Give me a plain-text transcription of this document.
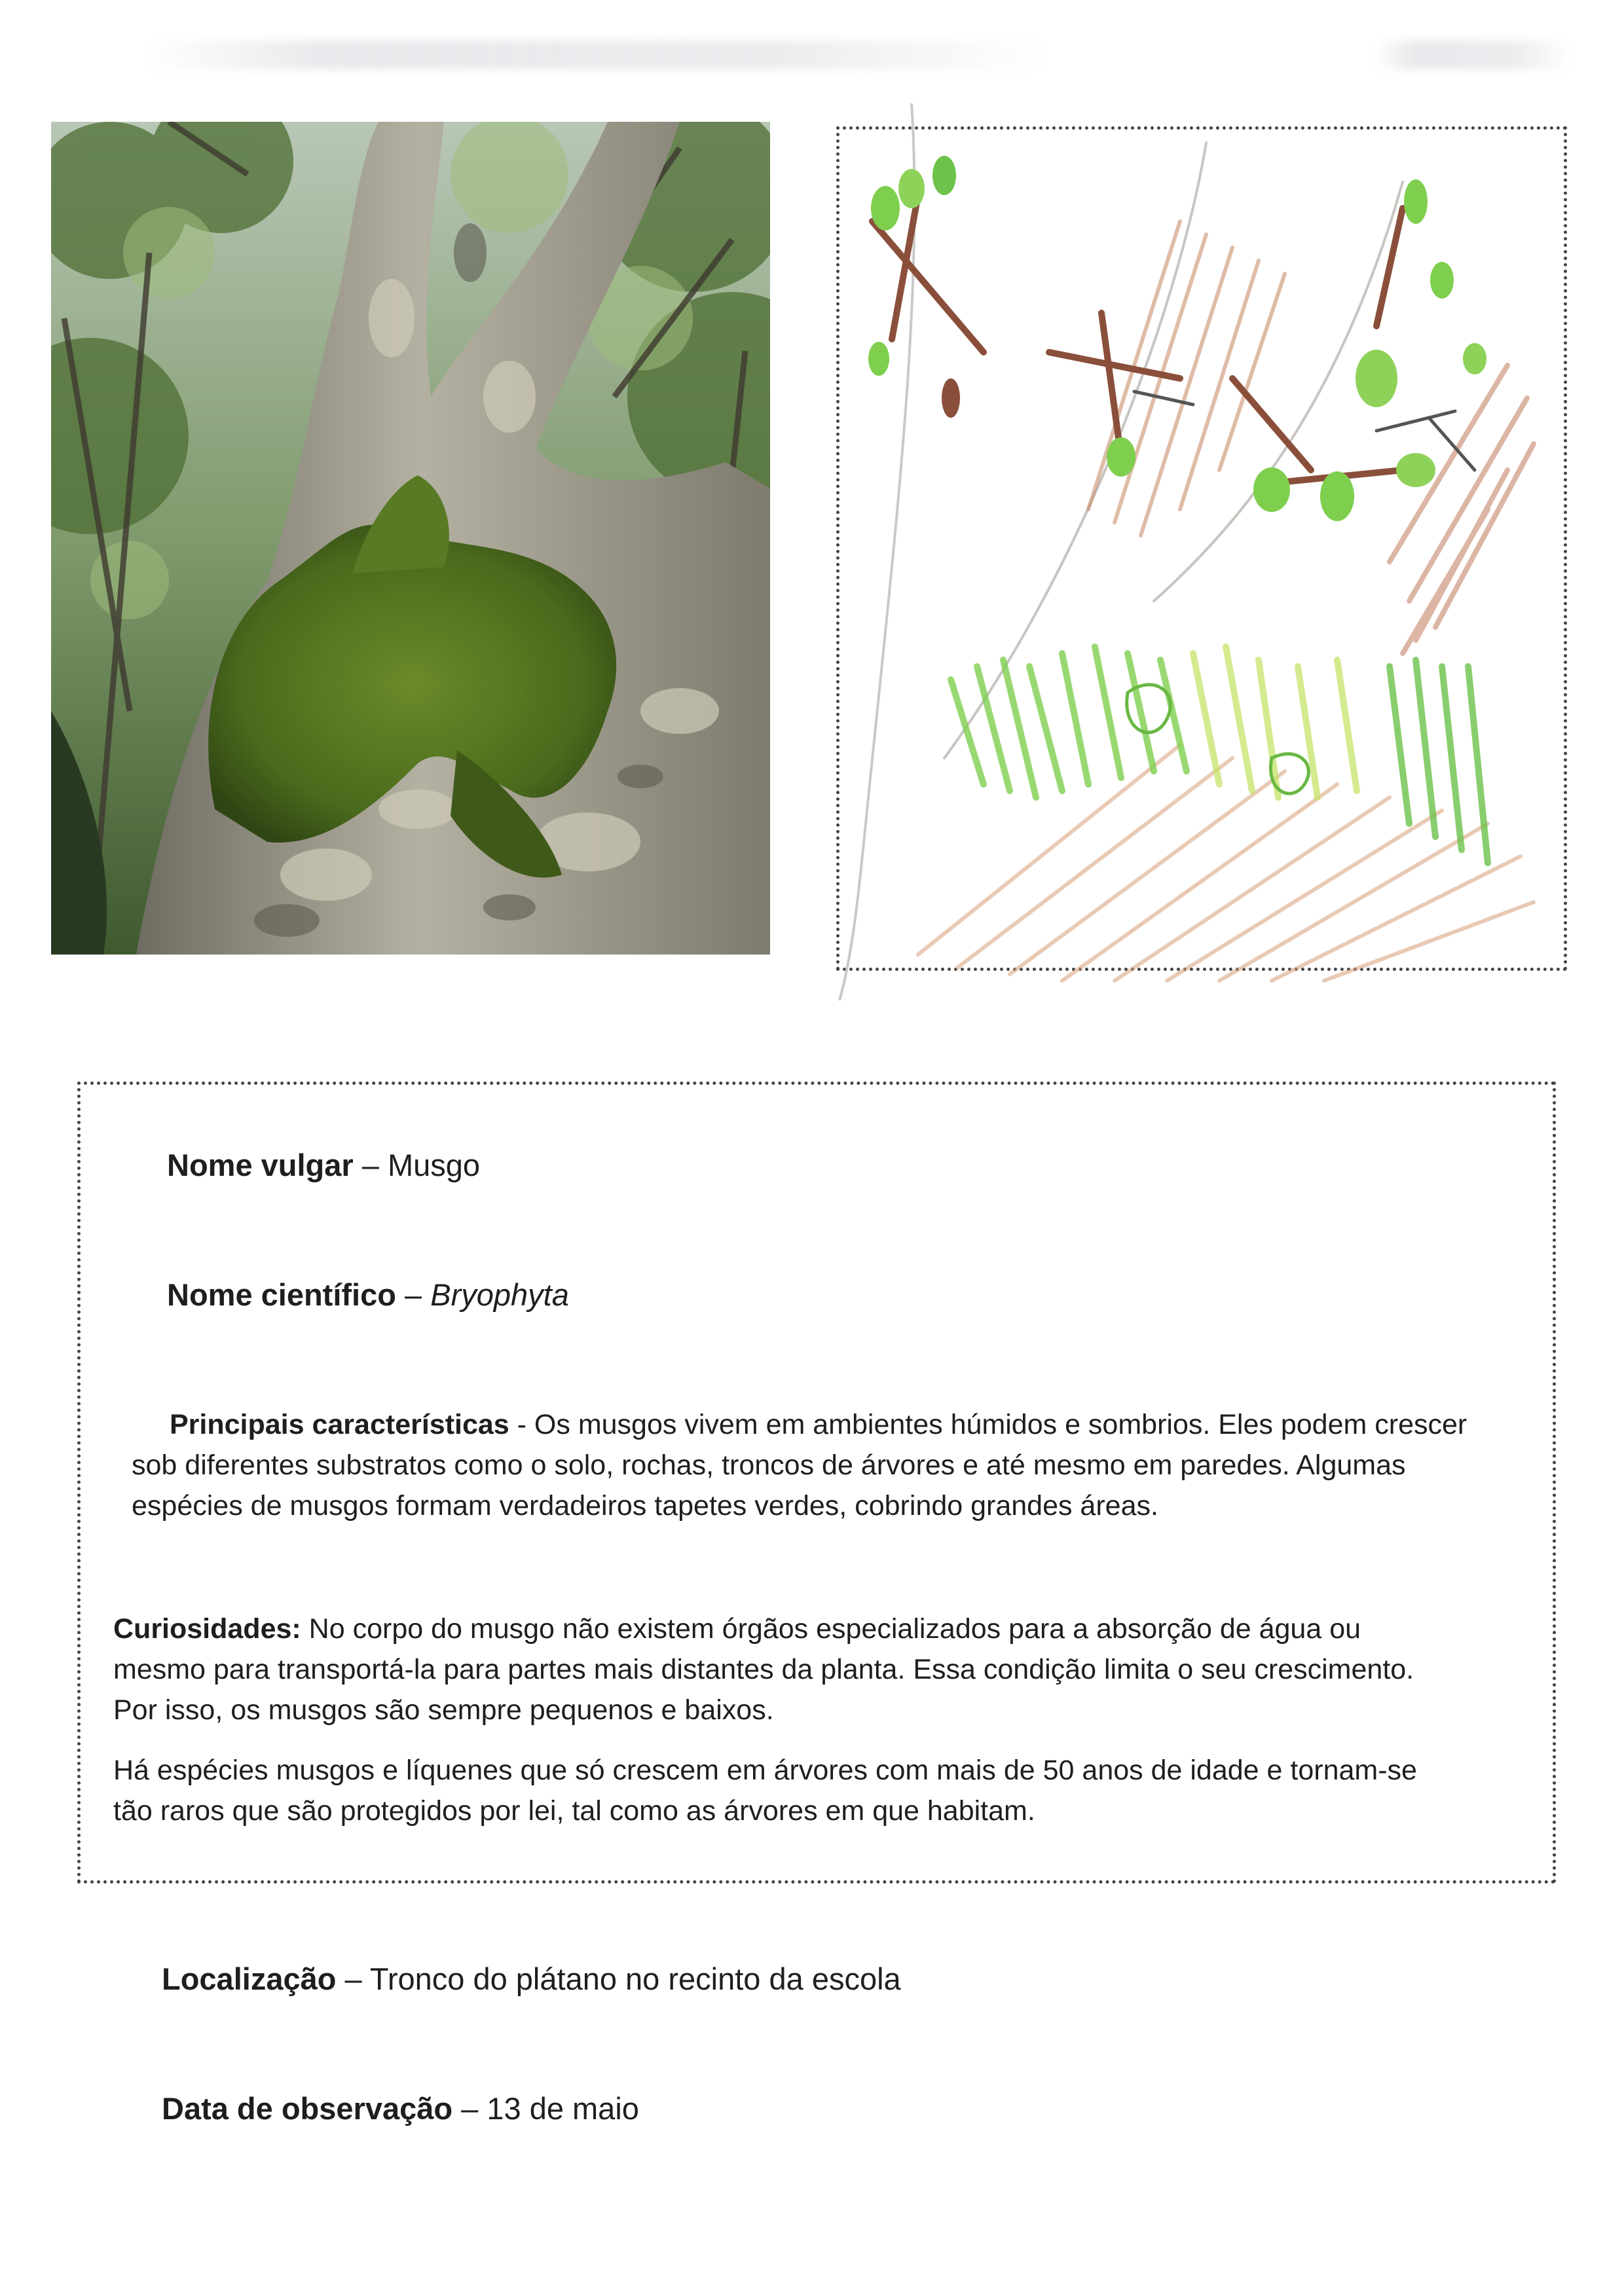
Nome vulgar – Musgo
Nome científico – Bryophyta
Principais características - Os musgos vivem em ambientes húmidos e sombrios. Eles podem crescer
sob diferentes substratos como o solo, rochas, troncos de árvores e até mesmo em paredes. Algumas
espécies de musgos formam verdadeiros tapetes verdes, cobrindo grandes áreas.
Curiosidades: No corpo do musgo não existem órgãos especializados para a absorção de água ou
mesmo para transportá-la para partes mais distantes da planta. Essa condição limita o seu crescimento.
Por isso, os musgos são sempre pequenos e baixos.
Há espécies musgos e líquenes que só crescem em árvores com mais de 50 anos de idade e tornam-se
tão raros que são protegidos por lei, tal como as árvores em que habitam.
Localização – Tronco do plátano no recinto da escola
Data de observação – 13 de maio
